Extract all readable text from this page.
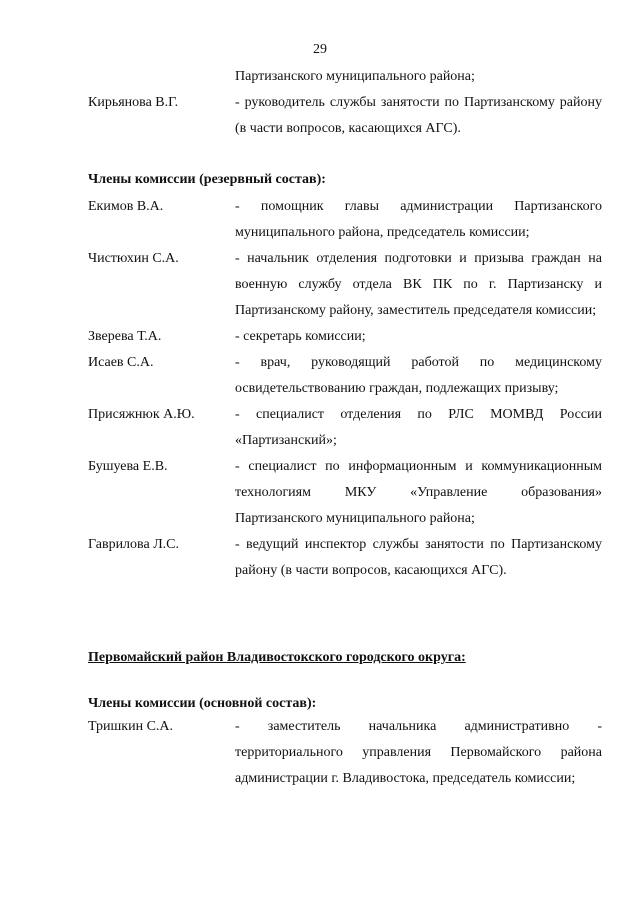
29
Партизанского муниципального района;
Кирьянова В.Г.	- руководитель службы занятости по Партизанскому району (в части вопросов, касающихся АГС).
Члены комиссии (резервный состав):
Екимов В.А.	- помощник главы администрации Партизанского муниципального района, председатель комиссии;
Чистюхин С.А.	- начальник отделения подготовки и призыва граждан на военную службу отдела ВК ПК по г. Партизанску и Партизанскому району, заместитель председателя комиссии;
Зверева Т.А.	- секретарь комиссии;
Исаев С.А.	- врач, руководящий работой по медицинскому освидетельствованию граждан, подлежащих призыву;
Присяжнюк А.Ю.	- специалист отделения по РЛС МОМВД России «Партизанский»;
Бушуева Е.В.	- специалист по информационным и коммуникационным технологиям МКУ «Управление образования» Партизанского муниципального района;
Гаврилова Л.С.	- ведущий инспектор службы занятости по Партизанскому району (в части вопросов, касающихся АГС).
Первомайский район Владивостокского городского округа:
Члены комиссии (основной состав):
Тришкин С.А.	- заместитель начальника административно - территориального управления Первомайского района администрации г. Владивостока, председатель комиссии;
